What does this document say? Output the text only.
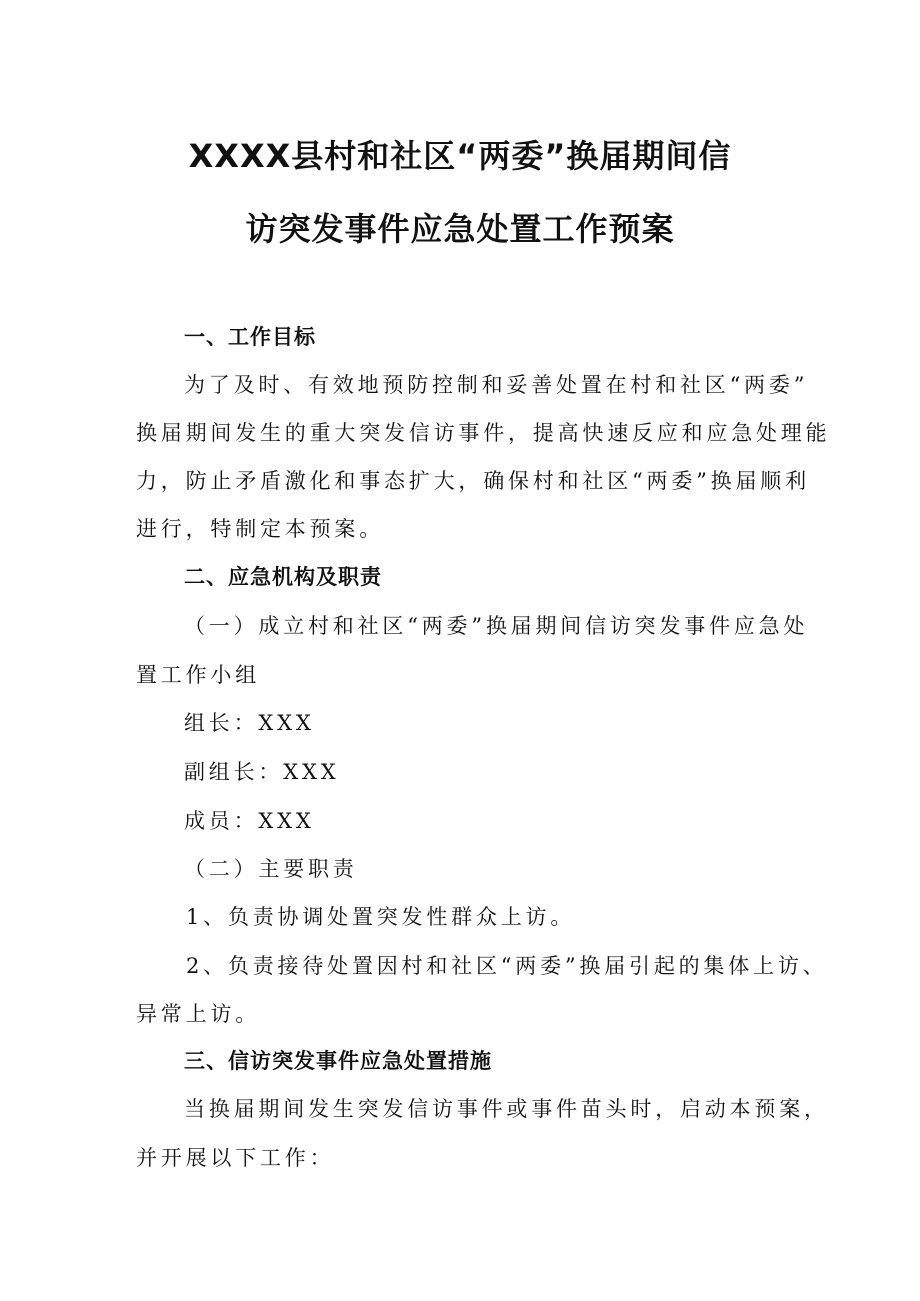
XXXX县村和社区“两委”换届期间信
访突发事件应急处置工作预案

一、工作目标

为了及时、有效地预防控制和妥善处置在村和社区“两委”

换届期间发生的重大突发信访事件，提高快速反应和应急处理能

力，防止矛盾激化和事态扩大，确保村和社区“两委”换届顺利

进行，特制定本预案。

二、应急机构及职责

（一）成立村和社区“两委”换届期间信访突发事件应急处

置工作小组

组长：XXX

副组长：XXX

成员：XXX

（二）主要职责

1、负责协调处置突发性群众上访。

2、负责接待处置因村和社区“两委”换届引起的集体上访、

异常上访。

三、信访突发事件应急处置措施

当换届期间发生突发信访事件或事件苗头时，启动本预案，

并开展以下工作：
